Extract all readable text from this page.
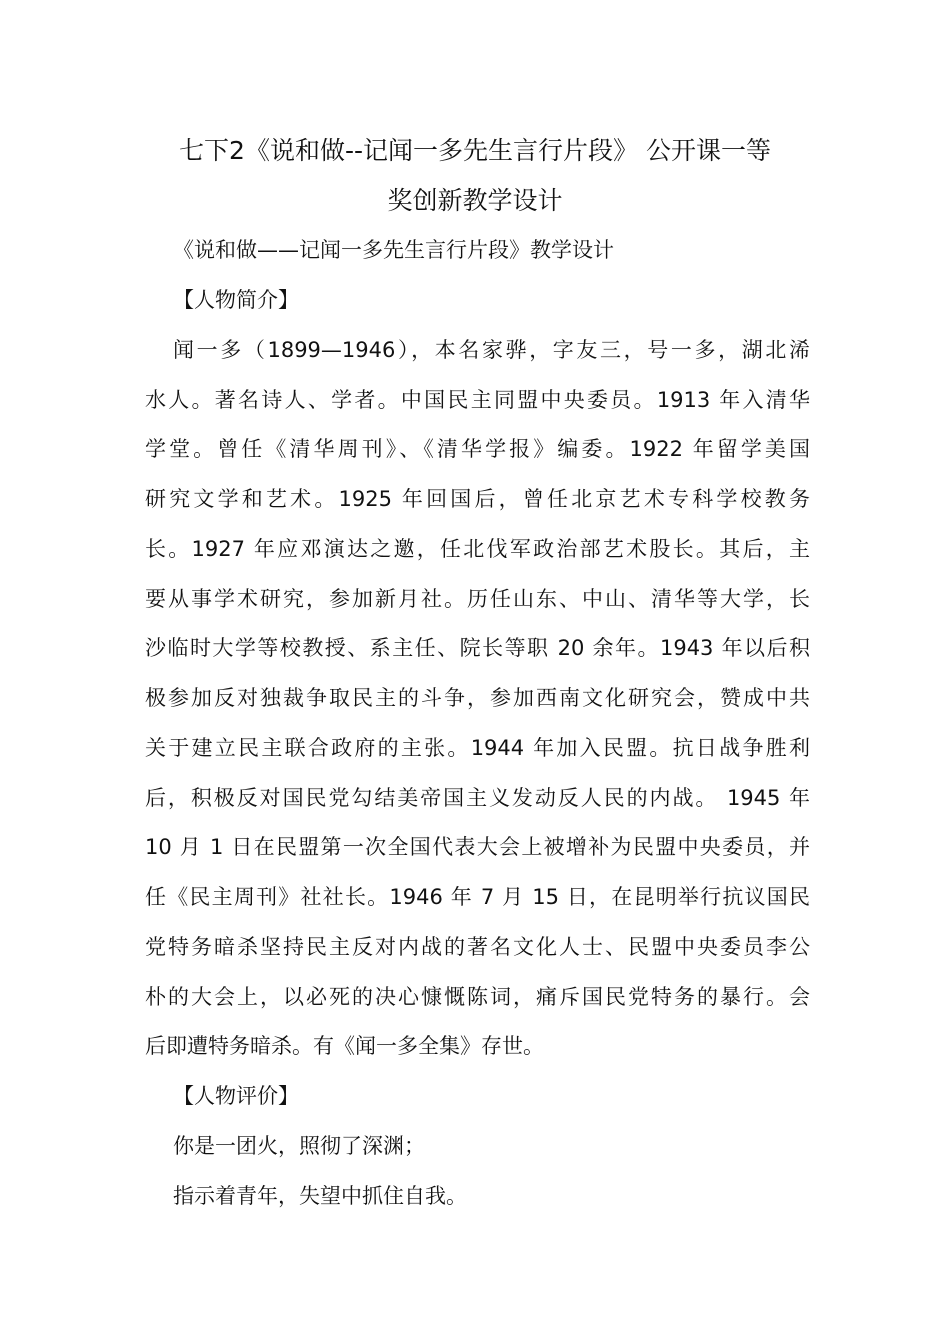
七下2《说和做--记闻一多先生言行片段》 公开课一等
奖创新教学设计
《说和做——记闻一多先生言行片段》教学设计
【人物简介】
闻一多（1899—1946），本名家骅，字友三，号一多，湖北浠
水人。著名诗人、学者。中国民主同盟中央委员。1913 年入清华
学堂。曾任《清华周刊》、《清华学报》编委。1922 年留学美国
研究文学和艺术。1925 年回国后，曾任北京艺术专科学校教务
长。1927 年应邓演达之邀，任北伐军政治部艺术股长。其后，主
要从事学术研究，参加新月社。历任山东、中山、清华等大学，长
沙临时大学等校教授、系主任、院长等职 20 余年。1943 年以后积
极参加反对独裁争取民主的斗争，参加西南文化研究会，赞成中共
关于建立民主联合政府的主张。1944 年加入民盟。抗日战争胜利
后，积极反对国民党勾结美帝国主义发动反人民的内战。 1945 年
10 月 1 日在民盟第一次全国代表大会上被增补为民盟中央委员，并
任《民主周刊》社社长。1946 年 7 月 15 日，在昆明举行抗议国民
党特务暗杀坚持民主反对内战的著名文化人士、民盟中央委员李公
朴的大会上，以必死的决心慷慨陈词，痛斥国民党特务的暴行。会
后即遭特务暗杀。有《闻一多全集》存世。
【人物评价】
你是一团火，照彻了深渊；
指示着青年，失望中抓住自我。
